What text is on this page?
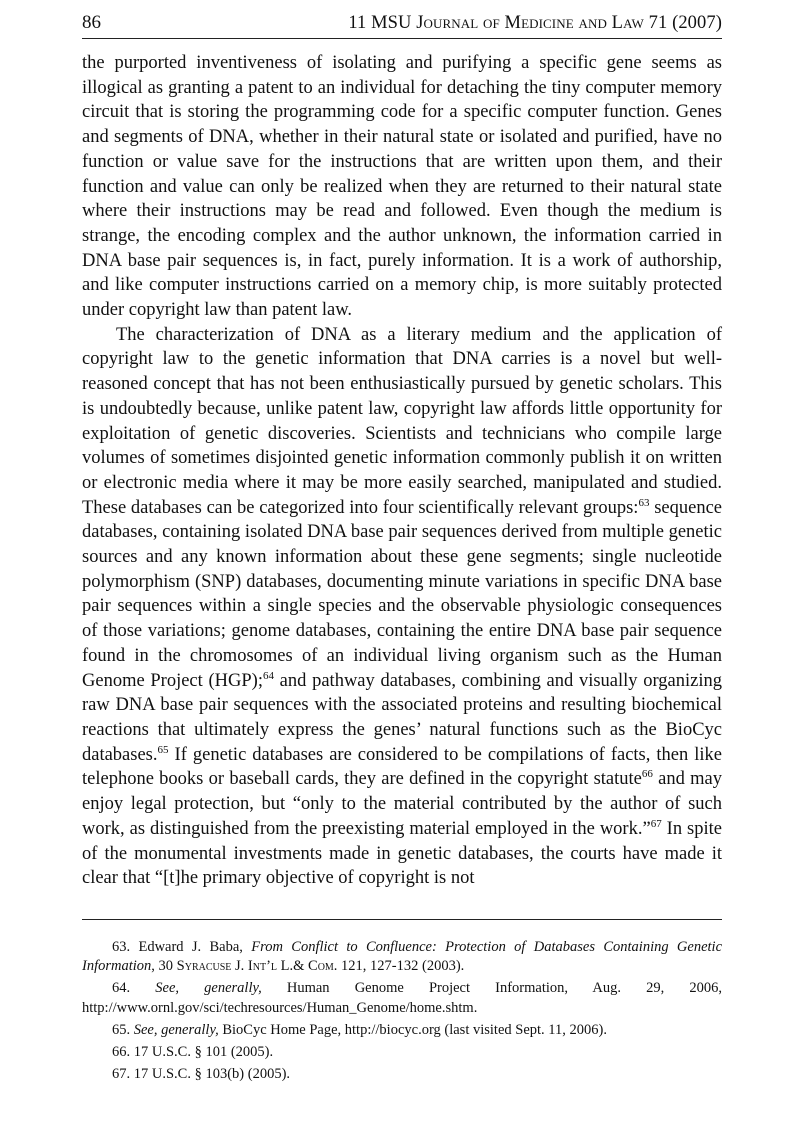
86	11 MSU Journal of Medicine and Law 71 (2007)

the purported inventiveness of isolating and purifying a specific gene seems as illogical as granting a patent to an individual for detaching the tiny computer memory circuit that is storing the programming code for a specific computer function. Genes and segments of DNA, whether in their natural state or isolated and purified, have no function or value save for the instructions that are written upon them, and their function and value can only be realized when they are returned to their natural state where their instructions may be read and followed. Even though the medium is strange, the encoding complex and the author unknown, the information carried in DNA base pair sequences is, in fact, purely information. It is a work of authorship, and like computer instructions carried on a memory chip, is more suitably protected under copyright law than patent law.

The characterization of DNA as a literary medium and the application of copyright law to the genetic information that DNA carries is a novel but well-reasoned concept that has not been enthusiastically pursued by genetic scholars. This is undoubtedly because, unlike patent law, copyright law affords little opportunity for exploitation of genetic discoveries. Scientists and technicians who compile large volumes of sometimes disjointed genetic information commonly publish it on written or electronic media where it may be more easily searched, manipulated and studied. These databases can be categorized into four scientifically relevant groups:$^{63}$ sequence databases, containing isolated DNA base pair sequences derived from multiple genetic sources and any known information about these gene segments; single nucleotide polymorphism (SNP) databases, documenting minute variations in specific DNA base pair sequences within a single species and the observable physiologic consequences of those variations; genome databases, containing the entire DNA base pair sequence found in the chromosomes of an individual living organism such as the Human Genome Project (HGP);$^{64}$ and pathway databases, combining and visually organizing raw DNA base pair sequences with the associated proteins and resulting biochemical reactions that ultimately express the genes’ natural functions such as the BioCyc databases.$^{65}$ If genetic databases are considered to be compilations of facts, then like telephone books or baseball cards, they are defined in the copyright statute$^{66}$ and may enjoy legal protection, but “only to the material contributed by the author of such work, as distinguished from the preexisting material employed in the work.”$^{67}$ In spite of the monumental investments made in genetic databases, the courts have made it clear that “[t]he primary objective of copyright is not

63. Edward J. Baba, From Conflict to Confluence: Protection of Databases Containing Genetic Information, 30 Syracuse J. Int’l L.& Com. 121, 127-132 (2003).

64. See, generally, Human Genome Project Information, Aug. 29, 2006, http://www.ornl.gov/sci/techresources/Human_Genome/home.shtm.

65. See, generally, BioCyc Home Page, http://biocyc.org (last visited Sept. 11, 2006).

66. 17 U.S.C. § 101 (2005).

67. 17 U.S.C. § 103(b) (2005).
